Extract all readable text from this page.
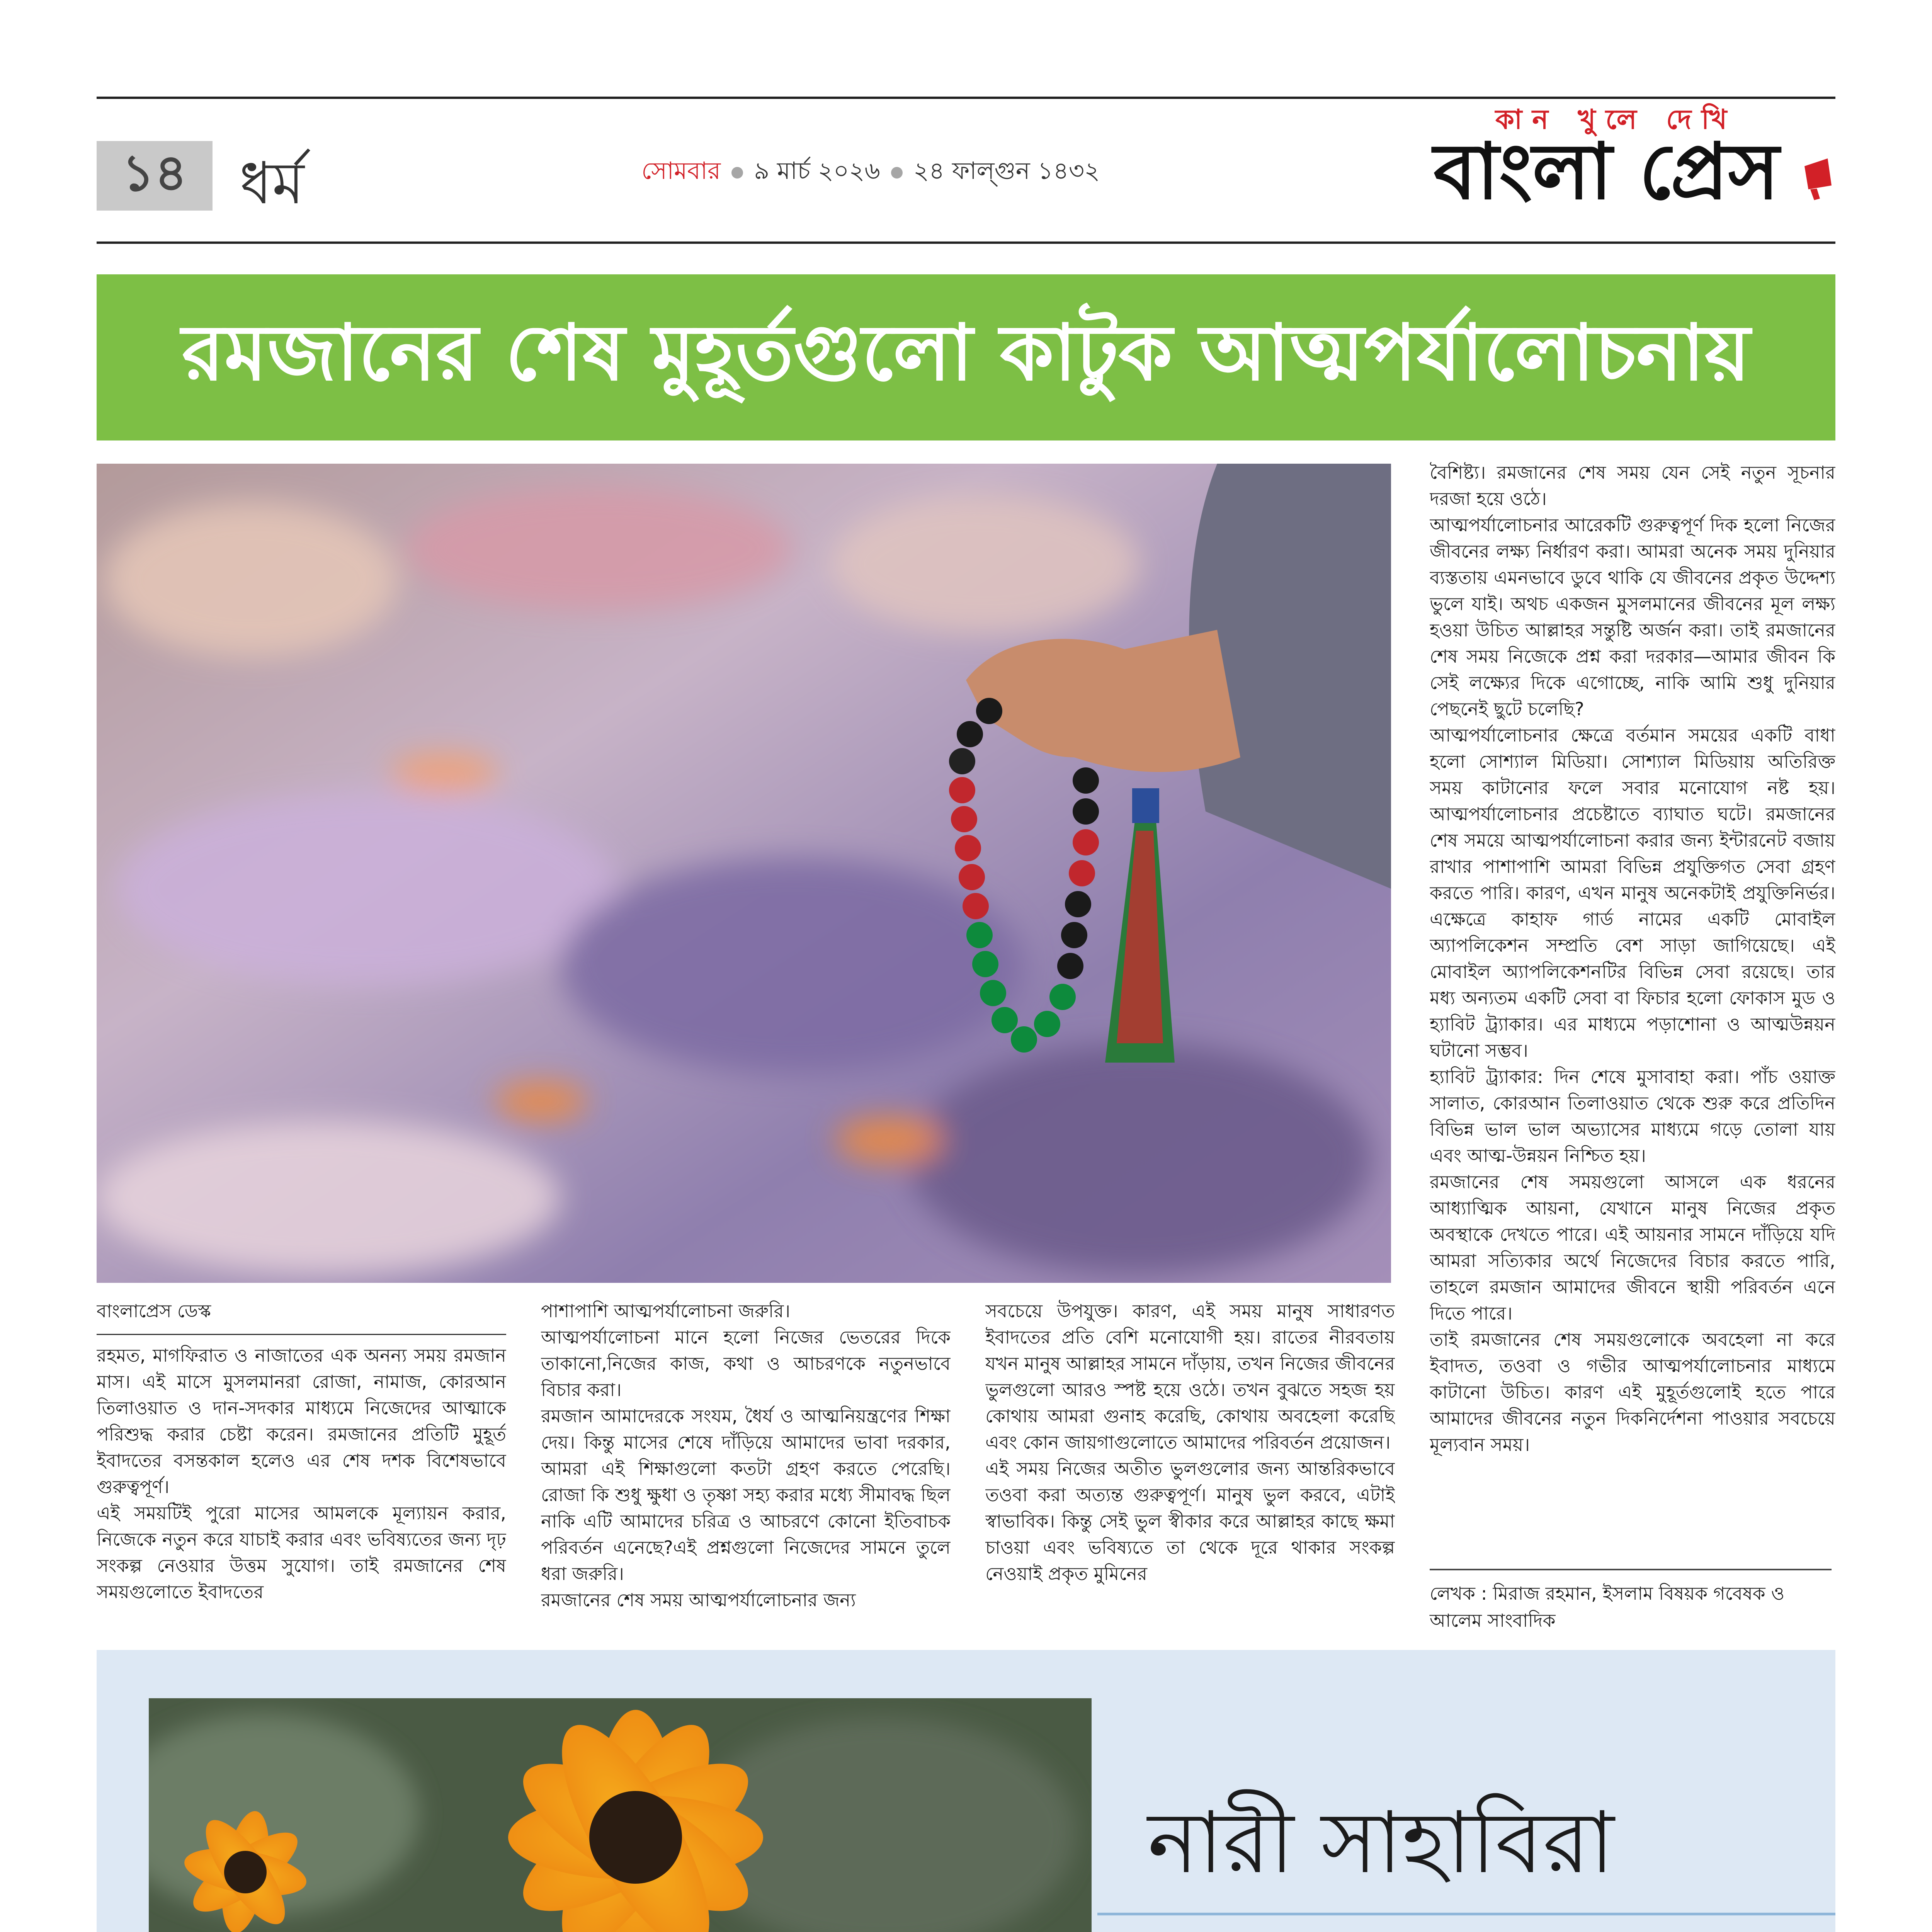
১৪ ধর্ম	সোমবার ৯ মার্চ ২০২৬ ২৪ ফাল্গুন ১৪৩২
কান খুলে দেখি
বাংলা প্রেস
রমজানের শেষ মুহূর্তগুলো কাটুক আত্মপর্যালোচনায়
বাংলাপ্রেস ডেস্ক

রহমত, মাগফিরাত ও নাজাতের এক অনন্য সময় রমজান মাস। এই মাসে মুসলমানরা রোজা, নামাজ, কোরআন তিলাওয়াত ও দান-সদকার মাধ্যমে নিজেদের আত্মাকে পরিশুদ্ধ করার চেষ্টা করেন। রমজানের প্রতিটি মুহূর্ত ইবাদতের বসন্তকাল হলেও এর শেষ দশক বিশেষভাবে গুরুত্বপূর্ণ।

এই সময়টিই পুরো মাসের আমলকে মূল্যায়ন করার, নিজেকে নতুন করে যাচাই করার এবং ভবিষ্যতের জন্য দৃঢ় সংকল্প নেওয়ার উত্তম সুযোগ। তাই রমজানের শেষ সময়গুলোতে ইবাদতের

পাশাপাশি আত্মপর্যালোচনা জরুরি।

আত্মপর্যালোচনা মানে হলো নিজের ভেতরের দিকে তাকানো,নিজের কাজ, কথা ও আচরণকে নতুনভাবে বিচার করা।

রমজান আমাদেরকে সংযম, ধৈর্য ও আত্মনিয়ন্ত্রণের শিক্ষা দেয়। কিন্তু মাসের শেষে দাঁড়িয়ে আমাদের ভাবা দরকার, আমরা এই শিক্ষাগুলো কতটা গ্রহণ করতে পেরেছি। রোজা কি শুধু ক্ষুধা ও তৃষ্ণা সহ্য করার মধ্যে সীমাবদ্ধ ছিল নাকি এটি আমাদের চরিত্র ও আচরণে কোনো ইতিবাচক পরিবর্তন এনেছে?এই প্রশ্নগুলো নিজেদের সামনে তুলে ধরা জরুরি।

রমজানের শেষ সময় আত্মপর্যালোচনার জন্য

সবচেয়ে উপযুক্ত। কারণ, এই সময় মানুষ সাধারণত ইবাদতের প্রতি বেশি মনোযোগী হয়। রাতের নীরবতায় যখন মানুষ আল্লাহর সামনে দাঁড়ায়, তখন নিজের জীবনের ভুলগুলো আরও স্পষ্ট হয়ে ওঠে। তখন বুঝতে সহজ হয় কোথায় আমরা গুনাহ করেছি, কোথায় অবহেলা করেছি এবং কোন জায়গাগুলোতে আমাদের পরিবর্তন প্রয়োজন।

এই সময় নিজের অতীত ভুলগুলোর জন্য আন্তরিকভাবে তওবা করা অত্যন্ত গুরুত্বপূর্ণ। মানুষ ভুল করবে, এটাই স্বাভাবিক। কিন্তু সেই ভুল স্বীকার করে আল্লাহর কাছে ক্ষমা চাওয়া এবং ভবিষ্যতে তা থেকে দূরে থাকার সংকল্প নেওয়াই প্রকৃত মুমিনের

বৈশিষ্ট্য। রমজানের শেষ সময় যেন সেই নতুন সূচনার দরজা হয়ে ওঠে।

আত্মপর্যালোচনার আরেকটি গুরুত্বপূর্ণ দিক হলো নিজের জীবনের লক্ষ্য নির্ধারণ করা। আমরা অনেক সময় দুনিয়ার ব্যস্ততায় এমনভাবে ডুবে থাকি যে জীবনের প্রকৃত উদ্দেশ্য ভুলে যাই। অথচ একজন মুসলমানের জীবনের মূল লক্ষ্য হওয়া উচিত আল্লাহর সন্তুষ্টি অর্জন করা। তাই রমজানের শেষ সময় নিজেকে প্রশ্ন করা দরকার—আমার জীবন কি সেই লক্ষ্যের দিকে এগোচ্ছে, নাকি আমি শুধু দুনিয়ার পেছনেই ছুটে চলেছি?

আত্মপর্যালোচনার ক্ষেত্রে বর্তমান সময়ের একটি বাধা হলো সোশ্যাল মিডিয়া। সোশ্যাল মিডিয়ায় অতিরিক্ত সময় কাটানোর ফলে সবার মনোযোগ নষ্ট হয়। আত্মপর্যালোচনার প্রচেষ্টাতে ব্যাঘাত ঘটে। রমজানের শেষ সময়ে আত্মপর্যালোচনা করার জন্য ইন্টারনেট বজায় রাখার পাশাপাশি আমরা বিভিন্ন প্রযুক্তিগত সেবা গ্রহণ করতে পারি। কারণ, এখন মানুষ অনেকটাই প্রযুক্তিনির্ভর। এক্ষেত্রে কাহাফ গার্ড নামের একটি মোবাইল অ্যাপলিকেশন সম্প্রতি বেশ সাড়া জাগিয়েছে। এই মোবাইল অ্যাপলিকেশনটির বিভিন্ন সেবা রয়েছে। তার মধ্য অন্যতম একটি সেবা বা ফিচার হলো ফোকাস মুড ও হ্যাবিট ট্র্যাকার। এর মাধ্যমে পড়াশোনা ও আত্মউন্নয়ন ঘটানো সম্ভব।

হ্যাবিট ট্র্যাকার: দিন শেষে মুসাবাহা করা। পাঁচ ওয়াক্ত সালাত, কোরআন তিলাওয়াত থেকে শুরু করে প্রতিদিন বিভিন্ন ভাল ভাল অভ্যাসের মাধ্যমে গড়ে তোলা যায় এবং আত্ম-উন্নয়ন নিশ্চিত হয়।

রমজানের শেষ সময়গুলো আসলে এক ধরনের আধ্যাত্মিক আয়না, যেখানে মানুষ নিজের প্রকৃত অবস্থাকে দেখতে পারে। এই আয়নার সামনে দাঁড়িয়ে যদি আমরা সত্যিকার অর্থে নিজেদের বিচার করতে পারি, তাহলে রমজান আমাদের জীবনে স্থায়ী পরিবর্তন এনে দিতে পারে।

তাই রমজানের শেষ সময়গুলোকে অবহেলা না করে ইবাদত, তওবা ও গভীর আত্মপর্যালোচনার মাধ্যমে কাটানো উচিত। কারণ এই মুহূর্তগুলোই হতে পারে আমাদের জীবনের নতুন দিকনির্দেশনা পাওয়ার সবচেয়ে মূল্যবান সময়।

লেখক : মিরাজ রহমান, ইসলাম বিষয়ক গবেষক ও আলেম সাংবাদিক
নারী সাহাবিরা
